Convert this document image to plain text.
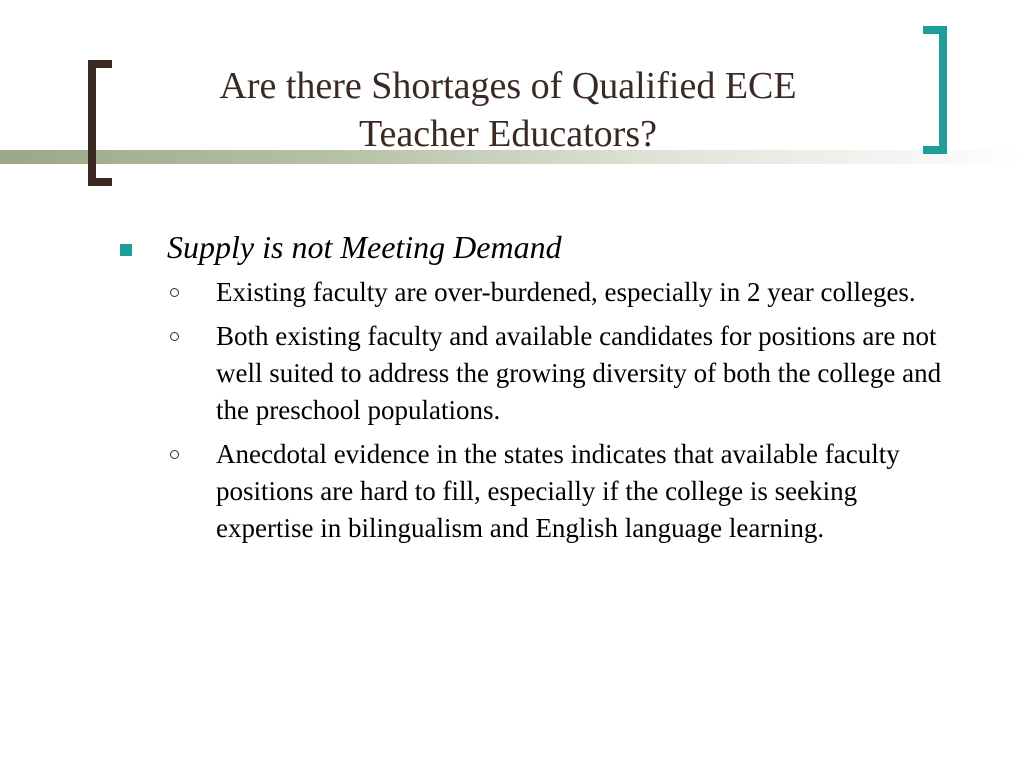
Are there Shortages of Qualified ECE
Teacher Educators?
Supply is not Meeting Demand
Existing faculty are over-burdened, especially in 2 year colleges.
Both existing faculty and available candidates for positions are not well suited to address the growing diversity of both the college and the preschool populations.
Anecdotal evidence in the states indicates that available faculty positions are hard to fill, especially if the college is seeking expertise in bilingualism and English language learning.
